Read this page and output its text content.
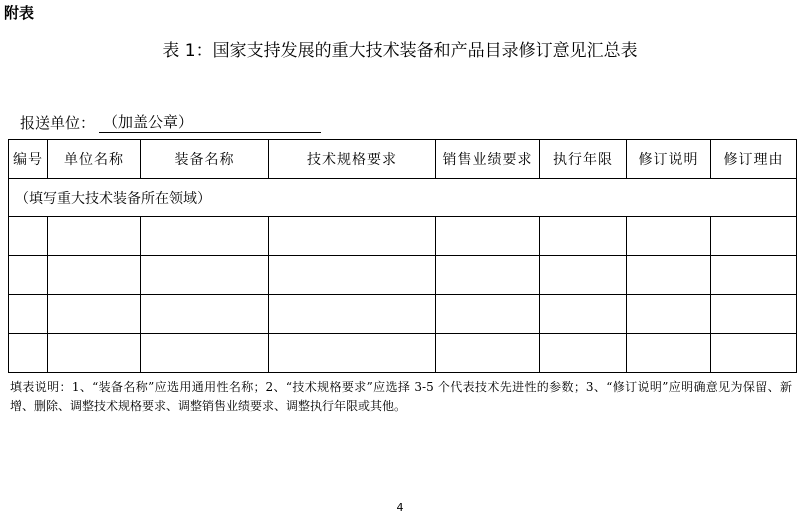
附表
表 1：国家支持发展的重大技术装备和产品目录修订意见汇总表
报送单位： （加盖公章）
编号	单位名称	装备名称	技术规格要求	销售业绩要求	执行年限	修订说明	修订理由
（填写重大技术装备所在领域）							

填表说明：1、“装备名称”应选用通用性名称；2、“技术规格要求”应选择 3-5 个代表技术先进性的参数；3、“修订说明”应明确意见为保留、新增、删除、调整技术规格要求、调整销售业绩要求、调整执行年限或其他。
4
